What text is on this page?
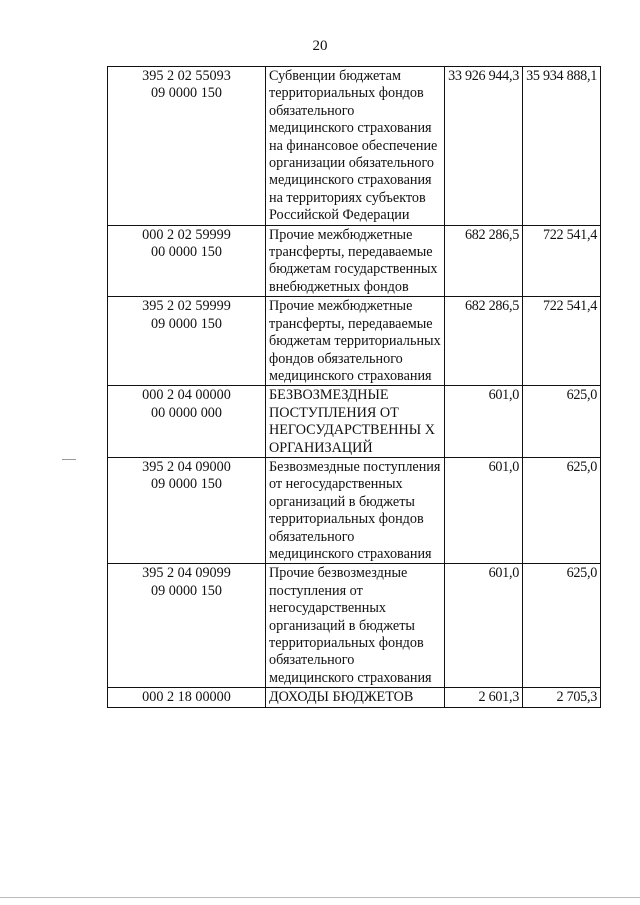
20
395 2 02 55093
09 0000 150	Субвенции бюджетам территориальных фондов обязательного медицинского страхования на финансовое обеспечение организации обязательного медицинского страхования на территориях субъектов Российской Федерации	33 926 944,3	35 934 888,1

000 2 02 59999
00 0000 150	Прочие межбюджетные трансферты, передаваемые бюджетам государственных внебюджетных фондов	682 286,5	722 541,4

395 2 02 59999
09 0000 150	Прочие межбюджетные трансферты, передаваемые бюджетам территориальных фондов обязательного медицинского страхования	682 286,5	722 541,4

000 2 04 00000
00 0000 000	БЕЗВОЗМЕЗДНЫЕ ПОСТУПЛЕНИЯ ОТ НЕГОСУДАРСТВЕННЫ Х ОРГАНИЗАЦИЙ	601,0	625,0

395 2 04 09000
09 0000 150	Безвозмездные поступления от негосударственных организаций в бюджеты территориальных фондов обязательного медицинского страхования	601,0	625,0

395 2 04 09099
09 0000 150	Прочие безвозмездные поступления от негосударственных организаций в бюджеты территориальных фондов обязательного медицинского страхования	601,0	625,0

000 2 18 00000	ДОХОДЫ БЮДЖЕТОВ	2 601,3	2 705,3
